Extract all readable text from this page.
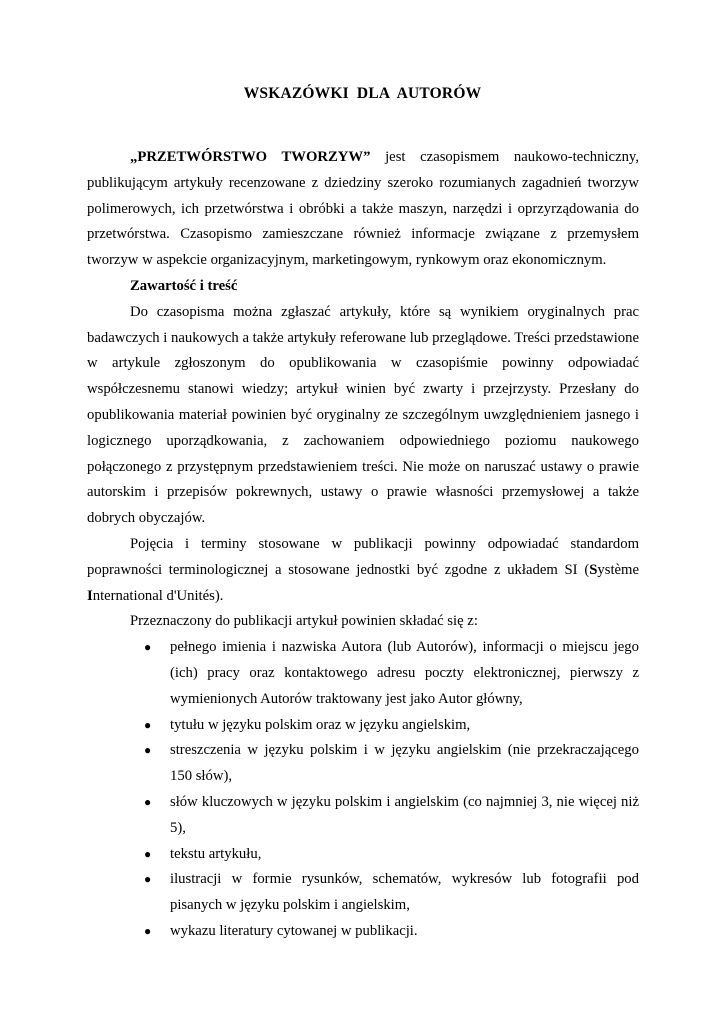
WSKAZÓWKI DLA AUTORÓW

„PRZETWÓRSTWO TWORZYW” jest czasopismem naukowo-techniczny, publikującym artykuły recenzowane z dziedziny szeroko rozumianych zagadnień tworzyw polimerowych, ich przetwórstwa i obróbki a także maszyn, narzędzi i oprzyrządowania do przetwórstwa. Czasopismo zamieszczane również informacje związane z przemysłem tworzyw w aspekcie organizacyjnym, marketingowym, rynkowym oraz ekonomicznym.

Zawartość i treść

Do czasopisma można zgłaszać artykuły, które są wynikiem oryginalnych prac badawczych i naukowych a także artykuły referowane lub przeglądowe. Treści przedstawione w artykule zgłoszonym do opublikowania w czasopiśmie powinny odpowiadać współczesnemu stanowi wiedzy; artykuł winien być zwarty i przejrzysty. Przesłany do opublikowania materiał powinien być oryginalny ze szczególnym uwzględnieniem jasnego i logicznego uporządkowania, z zachowaniem odpowiedniego poziomu naukowego połączonego z przystępnym przedstawieniem treści. Nie może on naruszać ustawy o prawie autorskim i przepisów pokrewnych, ustawy o prawie własności przemysłowej a także dobrych obyczajów.

Pojęcia i terminy stosowane w publikacji powinny odpowiadać standardom poprawności terminologicznej a stosowane jednostki być zgodne z układem SI (Système International d'Unités).

Przeznaczony do publikacji artykuł powinien składać się z:

● pełnego imienia i nazwiska Autora (lub Autorów), informacji o miejscu jego (ich) pracy oraz kontaktowego adresu poczty elektronicznej, pierwszy z wymienionych Autorów traktowany jest jako Autor główny,
● tytułu w języku polskim oraz w języku angielskim,
● streszczenia w języku polskim i w języku angielskim (nie przekraczającego 150 słów),
● słów kluczowych w języku polskim i angielskim (co najmniej 3, nie więcej niż 5),
● tekstu artykułu,
● ilustracji w formie rysunków, schematów, wykresów lub fotografii pod pisanych w języku polskim i angielskim,
● wykazu literatury cytowanej w publikacji.
